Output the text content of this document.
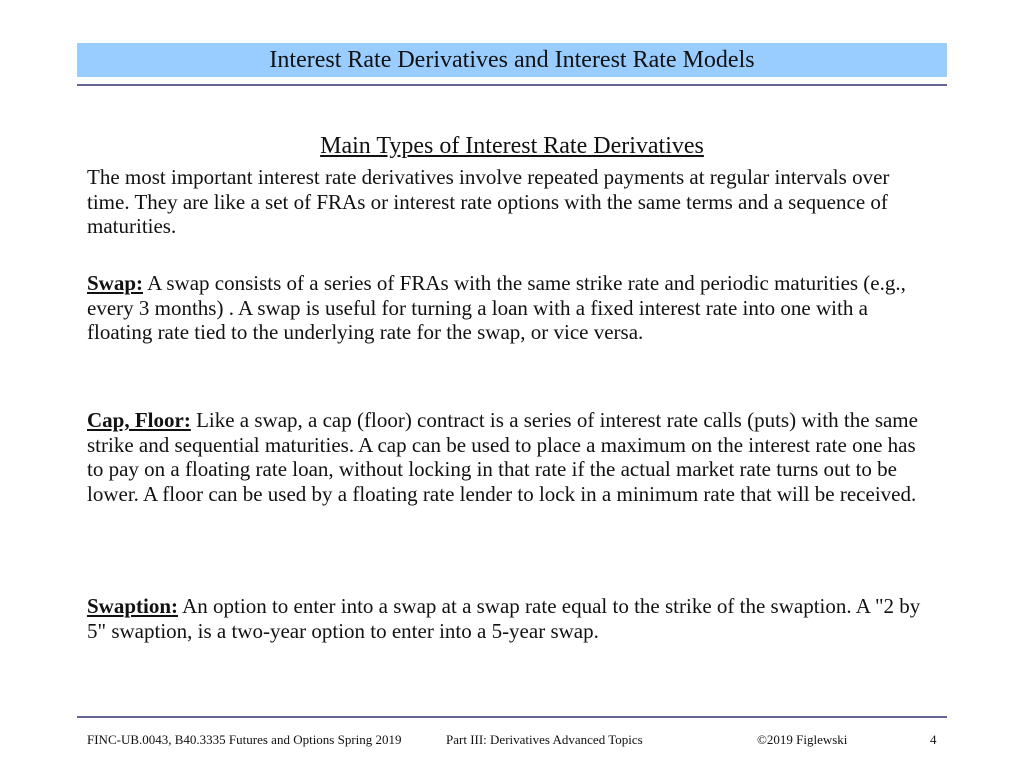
Interest Rate Derivatives and Interest Rate Models
Main Types of Interest Rate Derivatives
The most important interest rate derivatives involve repeated payments at regular intervals over time. They are like a set of FRAs or interest rate options with the same terms and a sequence of maturities.
Swap: A swap consists of a series of FRAs with the same strike rate and periodic maturities (e.g., every 3 months) . A swap is useful for turning a loan with a fixed interest rate into one with a floating rate tied to the underlying rate for the swap, or vice versa.
Cap, Floor: Like a swap, a cap (floor) contract is a series of interest rate calls (puts) with the same strike and sequential maturities. A cap can be used to place a maximum on the interest rate one has to pay on a floating rate loan, without locking in that rate if the actual market rate turns out to be lower. A floor can be used by a floating rate lender to lock in a minimum rate that will be received.
Swaption: An option to enter into a swap at a swap rate equal to the strike of the swaption. A "2 by 5" swaption, is a two-year option to enter into a 5-year swap.
FINC-UB.0043, B40.3335 Futures and Options Spring 2019	Part III: Derivatives Advanced Topics	©2019 Figlewski	4
